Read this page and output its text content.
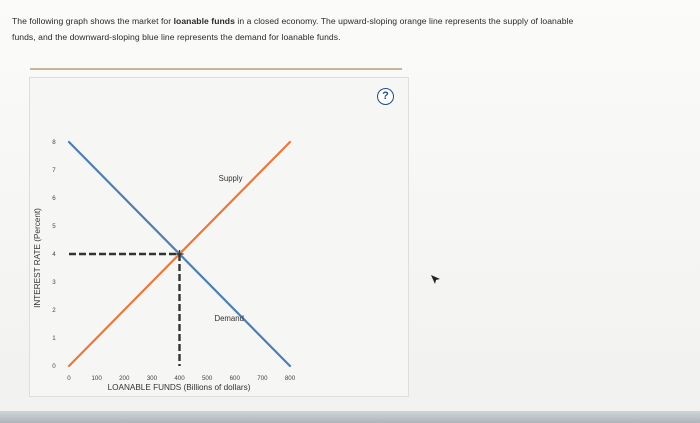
The following graph shows the market for loanable funds in a closed economy. The upward-sloping orange line represents the supply of loanable
funds, and the downward-sloping blue line represents the demand for loanable funds.
INTEREST RATE (Percent)
LOANABLE FUNDS (Billions of dollars)
0	100	200	300	400	500	600	700	800
0
1
2
3
4
5
6
7
8
Supply
Demand
?
